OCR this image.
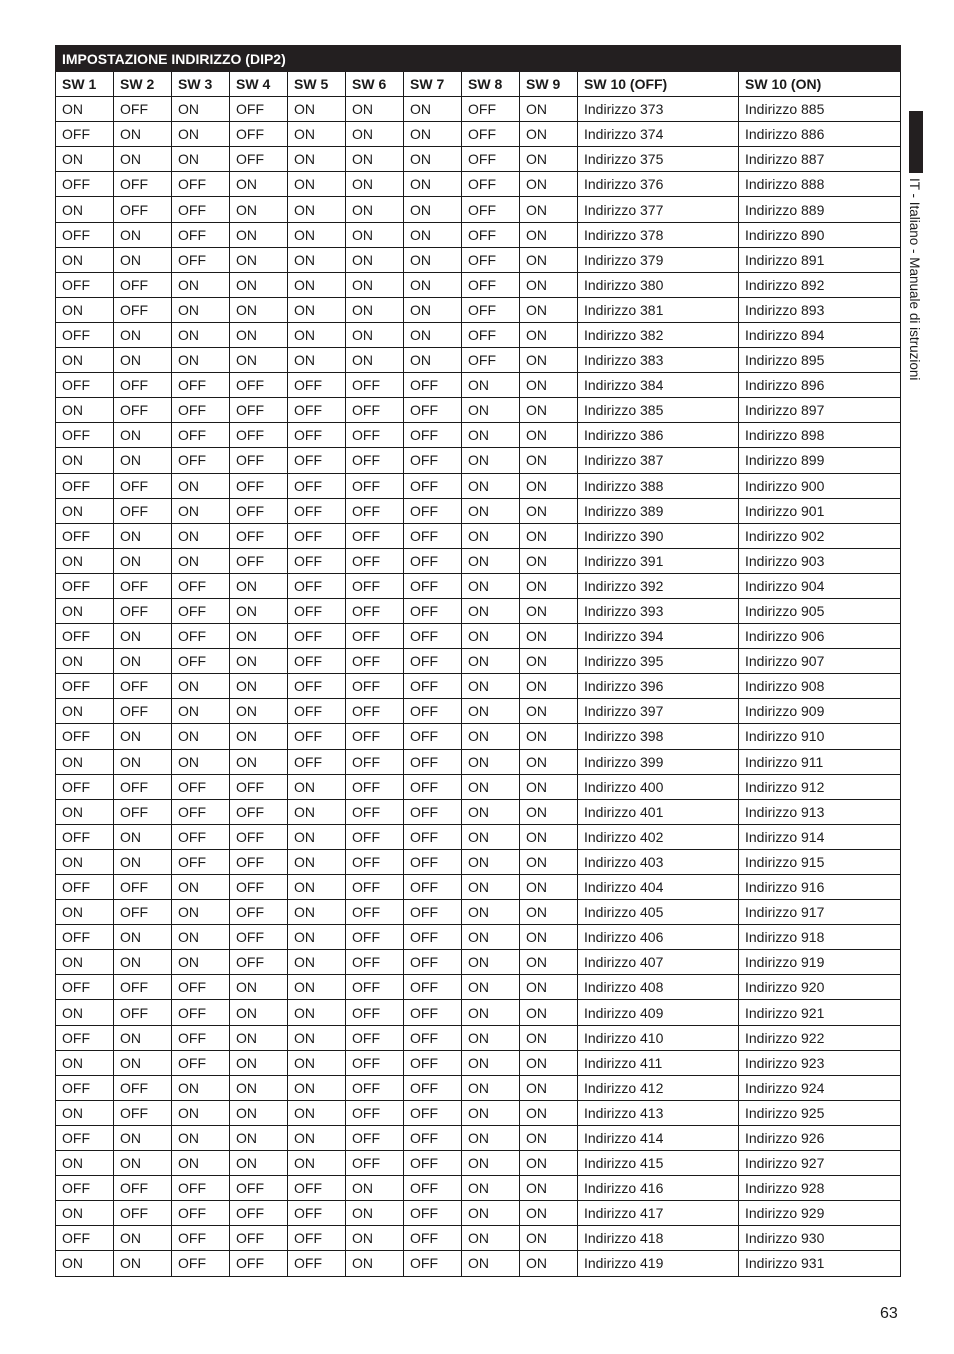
IMPOSTAZIONE INDIRIZZO (DIP2)										
SW 1	SW 2	SW 3	SW 4	SW 5	SW 6	SW 7	SW 8	SW 9	SW 10 (OFF)	SW 10 (ON)
ON	OFF	ON	OFF	ON	ON	ON	OFF	ON	Indirizzo 373	Indirizzo 885
OFF	ON	ON	OFF	ON	ON	ON	OFF	ON	Indirizzo 374	Indirizzo 886
ON	ON	ON	OFF	ON	ON	ON	OFF	ON	Indirizzo 375	Indirizzo 887
OFF	OFF	OFF	ON	ON	ON	ON	OFF	ON	Indirizzo 376	Indirizzo 888
ON	OFF	OFF	ON	ON	ON	ON	OFF	ON	Indirizzo 377	Indirizzo 889
OFF	ON	OFF	ON	ON	ON	ON	OFF	ON	Indirizzo 378	Indirizzo 890
ON	ON	OFF	ON	ON	ON	ON	OFF	ON	Indirizzo 379	Indirizzo 891
OFF	OFF	ON	ON	ON	ON	ON	OFF	ON	Indirizzo 380	Indirizzo 892
ON	OFF	ON	ON	ON	ON	ON	OFF	ON	Indirizzo 381	Indirizzo 893
OFF	ON	ON	ON	ON	ON	ON	OFF	ON	Indirizzo 382	Indirizzo 894
ON	ON	ON	ON	ON	ON	ON	OFF	ON	Indirizzo 383	Indirizzo 895
OFF	OFF	OFF	OFF	OFF	OFF	OFF	ON	ON	Indirizzo 384	Indirizzo 896
ON	OFF	OFF	OFF	OFF	OFF	OFF	ON	ON	Indirizzo 385	Indirizzo 897
OFF	ON	OFF	OFF	OFF	OFF	OFF	ON	ON	Indirizzo 386	Indirizzo 898
ON	ON	OFF	OFF	OFF	OFF	OFF	ON	ON	Indirizzo 387	Indirizzo 899
OFF	OFF	ON	OFF	OFF	OFF	OFF	ON	ON	Indirizzo 388	Indirizzo 900
ON	OFF	ON	OFF	OFF	OFF	OFF	ON	ON	Indirizzo 389	Indirizzo 901
OFF	ON	ON	OFF	OFF	OFF	OFF	ON	ON	Indirizzo 390	Indirizzo 902
ON	ON	ON	OFF	OFF	OFF	OFF	ON	ON	Indirizzo 391	Indirizzo 903
OFF	OFF	OFF	ON	OFF	OFF	OFF	ON	ON	Indirizzo 392	Indirizzo 904
ON	OFF	OFF	ON	OFF	OFF	OFF	ON	ON	Indirizzo 393	Indirizzo 905
OFF	ON	OFF	ON	OFF	OFF	OFF	ON	ON	Indirizzo 394	Indirizzo 906
ON	ON	OFF	ON	OFF	OFF	OFF	ON	ON	Indirizzo 395	Indirizzo 907
OFF	OFF	ON	ON	OFF	OFF	OFF	ON	ON	Indirizzo 396	Indirizzo 908
ON	OFF	ON	ON	OFF	OFF	OFF	ON	ON	Indirizzo 397	Indirizzo 909
OFF	ON	ON	ON	OFF	OFF	OFF	ON	ON	Indirizzo 398	Indirizzo 910
ON	ON	ON	ON	OFF	OFF	OFF	ON	ON	Indirizzo 399	Indirizzo 911
OFF	OFF	OFF	OFF	ON	OFF	OFF	ON	ON	Indirizzo 400	Indirizzo 912
ON	OFF	OFF	OFF	ON	OFF	OFF	ON	ON	Indirizzo 401	Indirizzo 913
OFF	ON	OFF	OFF	ON	OFF	OFF	ON	ON	Indirizzo 402	Indirizzo 914
ON	ON	OFF	OFF	ON	OFF	OFF	ON	ON	Indirizzo 403	Indirizzo 915
OFF	OFF	ON	OFF	ON	OFF	OFF	ON	ON	Indirizzo 404	Indirizzo 916
ON	OFF	ON	OFF	ON	OFF	OFF	ON	ON	Indirizzo 405	Indirizzo 917
OFF	ON	ON	OFF	ON	OFF	OFF	ON	ON	Indirizzo 406	Indirizzo 918
ON	ON	ON	OFF	ON	OFF	OFF	ON	ON	Indirizzo 407	Indirizzo 919
OFF	OFF	OFF	ON	ON	OFF	OFF	ON	ON	Indirizzo 408	Indirizzo 920
ON	OFF	OFF	ON	ON	OFF	OFF	ON	ON	Indirizzo 409	Indirizzo 921
OFF	ON	OFF	ON	ON	OFF	OFF	ON	ON	Indirizzo 410	Indirizzo 922
ON	ON	OFF	ON	ON	OFF	OFF	ON	ON	Indirizzo 411	Indirizzo 923
OFF	OFF	ON	ON	ON	OFF	OFF	ON	ON	Indirizzo 412	Indirizzo 924
ON	OFF	ON	ON	ON	OFF	OFF	ON	ON	Indirizzo 413	Indirizzo 925
OFF	ON	ON	ON	ON	OFF	OFF	ON	ON	Indirizzo 414	Indirizzo 926
ON	ON	ON	ON	ON	OFF	OFF	ON	ON	Indirizzo 415	Indirizzo 927
OFF	OFF	OFF	OFF	OFF	ON	OFF	ON	ON	Indirizzo 416	Indirizzo 928
ON	OFF	OFF	OFF	OFF	ON	OFF	ON	ON	Indirizzo 417	Indirizzo 929
OFF	ON	OFF	OFF	OFF	ON	OFF	ON	ON	Indirizzo 418	Indirizzo 930
ON	ON	OFF	OFF	OFF	ON	OFF	ON	ON	Indirizzo 419	Indirizzo 931
IT - Italiano - Manuale di istruzioni
63
